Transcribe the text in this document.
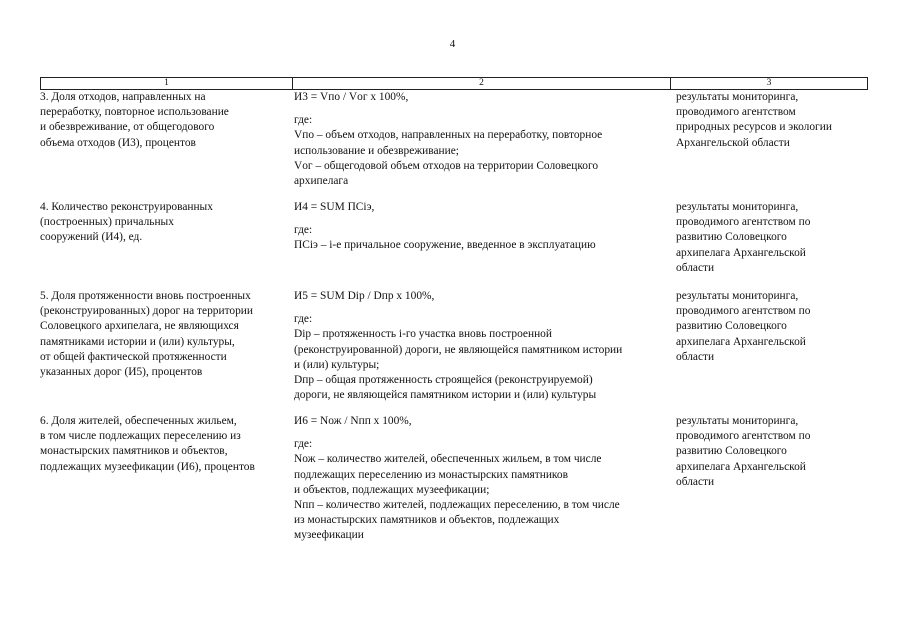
4
1	2	3
3. Доля отходов, направленных на
переработку, повторное использование
и обезвреживание, от общегодового
объема отходов (И3), процентов
И3 = Vпо / Vог х 100%,
где:
Vпо – объем отходов, направленных на переработку, повторное
использование и обезвреживание;
Vог – общегодовой объем отходов на территории Соловецкого
архипелага
результаты мониторинга,
проводимого агентством
природных ресурсов и экологии
Архангельской области
4. Количество реконструированных
(построенных) причальных
сооружений (И4), ед.
И4 = SUM ПСiэ,
где:
ПСiэ – i-е причальное сооружение, введенное в эксплуатацию
результаты мониторинга,
проводимого агентством по
развитию Соловецкого
архипелага Архангельской
области
5. Доля протяженности вновь построенных
(реконструированных) дорог на территории
Соловецкого архипелага, не являющихся
памятниками истории и (или) культуры,
от общей фактической протяженности
указанных дорог (И5), процентов
И5 = SUM Dip / Dпр х 100%,
где:
Dip – протяженность i-го участка вновь построенной
(реконструированной) дороги, не являющейся памятником истории
и (или) культуры;
Dпр – общая протяженность строящейся (реконструируемой)
дороги, не являющейся памятником истории и (или) культуры
результаты мониторинга,
проводимого агентством по
развитию Соловецкого
архипелага Архангельской
области
6. Доля жителей, обеспеченных жильем,
в том числе подлежащих переселению из
монастырских памятников и объектов,
подлежащих музеефикации (И6), процентов
И6 = Nож / Nпп х 100%,
где:
Nож – количество жителей, обеспеченных жильем, в том числе
подлежащих переселению из монастырских памятников
и объектов, подлежащих музеефикации;
Nпп – количество жителей, подлежащих переселению, в том числе
из монастырских памятников и объектов, подлежащих
музеефикации
результаты мониторинга,
проводимого агентством по
развитию Соловецкого
архипелага Архангельской
области
